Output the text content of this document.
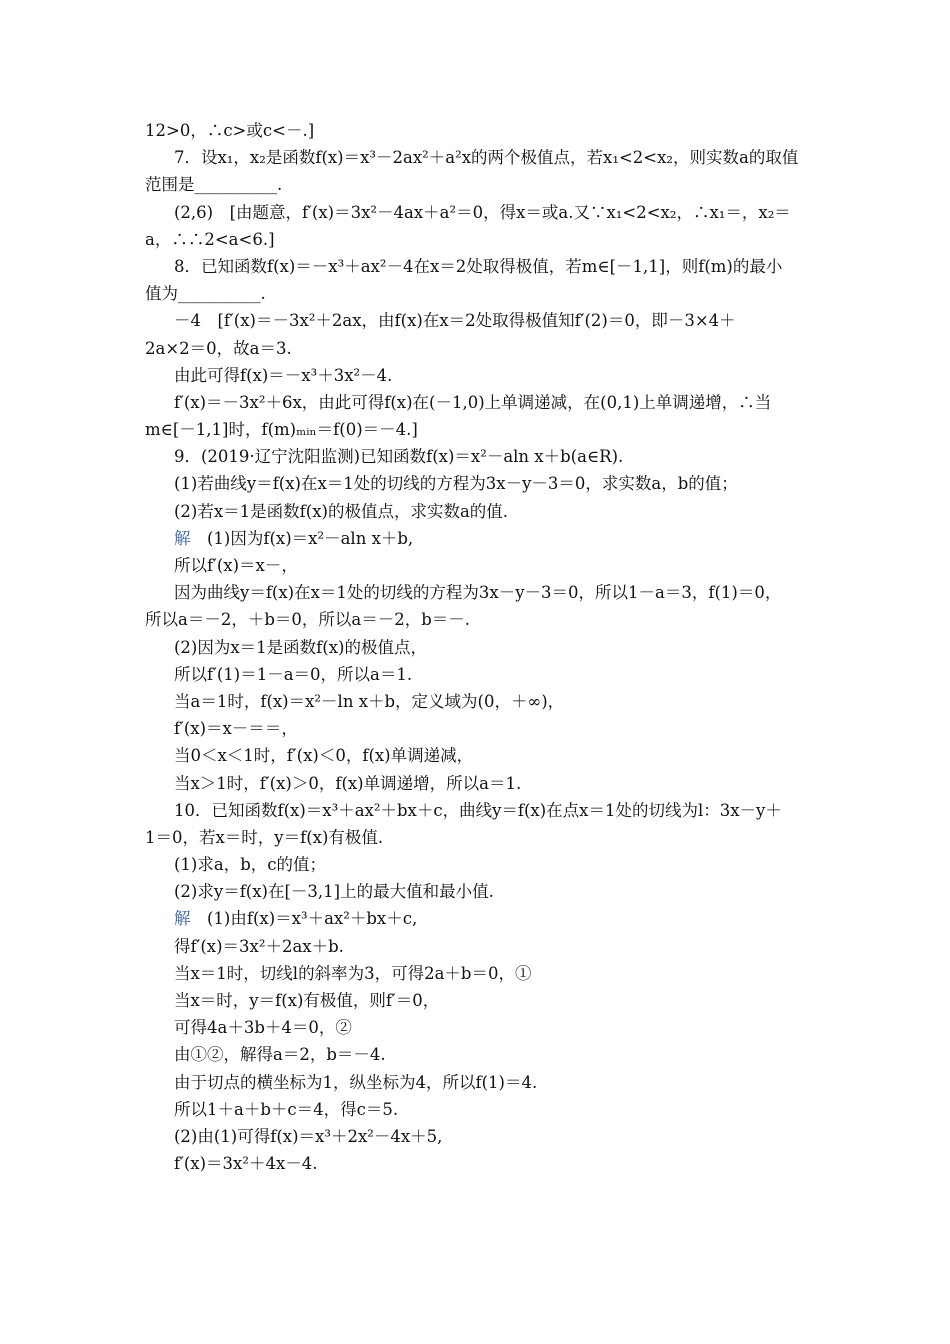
12>0，∴c>或c<－.]
7．设x₁，x₂是函数f(x)＝x³－2ax²＋a²x的两个极值点，若x₁<2<x₂，则实数a的取值
范围是__________.
(2,6)　[由题意，f′(x)＝3x²－4ax＋a²＝0，得x＝或a.又∵x₁<2<x₂，∴x₁＝，x₂＝
a，∴∴2<a<6.]
8．已知函数f(x)＝－x³＋ax²－4在x＝2处取得极值，若m∈[－1,1]，则f(m)的最小
值为__________.
－4　[f′(x)＝－3x²＋2ax，由f(x)在x＝2处取得极值知f′(2)＝0，即－3×4＋
2a×2＝0，故a＝3.
由此可得f(x)＝－x³＋3x²－4.
f′(x)＝－3x²＋6x，由此可得f(x)在(－1,0)上单调递减，在(0,1)上单调递增，∴当
m∈[－1,1]时，f(m)ₘᵢₙ＝f(0)＝－4.]
9．(2019·辽宁沈阳监测)已知函数f(x)＝x²－aln x＋b(a∈R).
(1)若曲线y＝f(x)在x＝1处的切线的方程为3x－y－3＝0，求实数a，b的值；
(2)若x＝1是函数f(x)的极值点，求实数a的值.
解　 (1)因为f(x)＝x²－aln x＋b,
所以f′(x)＝x－，
因为曲线y＝f(x)在x＝1处的切线的方程为3x－y－3＝0，所以1－a＝3，f(1)＝0，
所以a＝－2，＋b＝0，所以a＝－2，b＝－.
(2)因为x＝1是函数f(x)的极值点，
所以f′(1)＝1－a＝0，所以a＝1.
当a＝1时，f(x)＝x²－ln x＋b，定义域为(0，＋∞)，
f′(x)＝x－＝＝，
当0＜x＜1时，f′(x)＜0，f(x)单调递减，
当x＞1时，f′(x)＞0，f(x)单调递增，所以a＝1.
10．已知函数f(x)＝x³＋ax²＋bx＋c，曲线y＝f(x)在点x＝1处的切线为l：3x－y＋
1＝0，若x＝时，y＝f(x)有极值.
(1)求a，b，c的值；
(2)求y＝f(x)在[－3,1]上的最大值和最小值.
解　 (1)由f(x)＝x³＋ax²＋bx＋c,
得f′(x)＝3x²＋2ax＋b.
当x＝1时，切线l的斜率为3，可得2a＋b＝0，①
当x＝时，y＝f(x)有极值，则f′＝0，
可得4a＋3b＋4＝0，②
由①②，解得a＝2，b＝－4.
由于切点的横坐标为1，纵坐标为4，所以f(1)＝4.
所以1＋a＋b＋c＝4，得c＝5.
(2)由(1)可得f(x)＝x³＋2x²－4x＋5,
f′(x)＝3x²＋4x－4.
